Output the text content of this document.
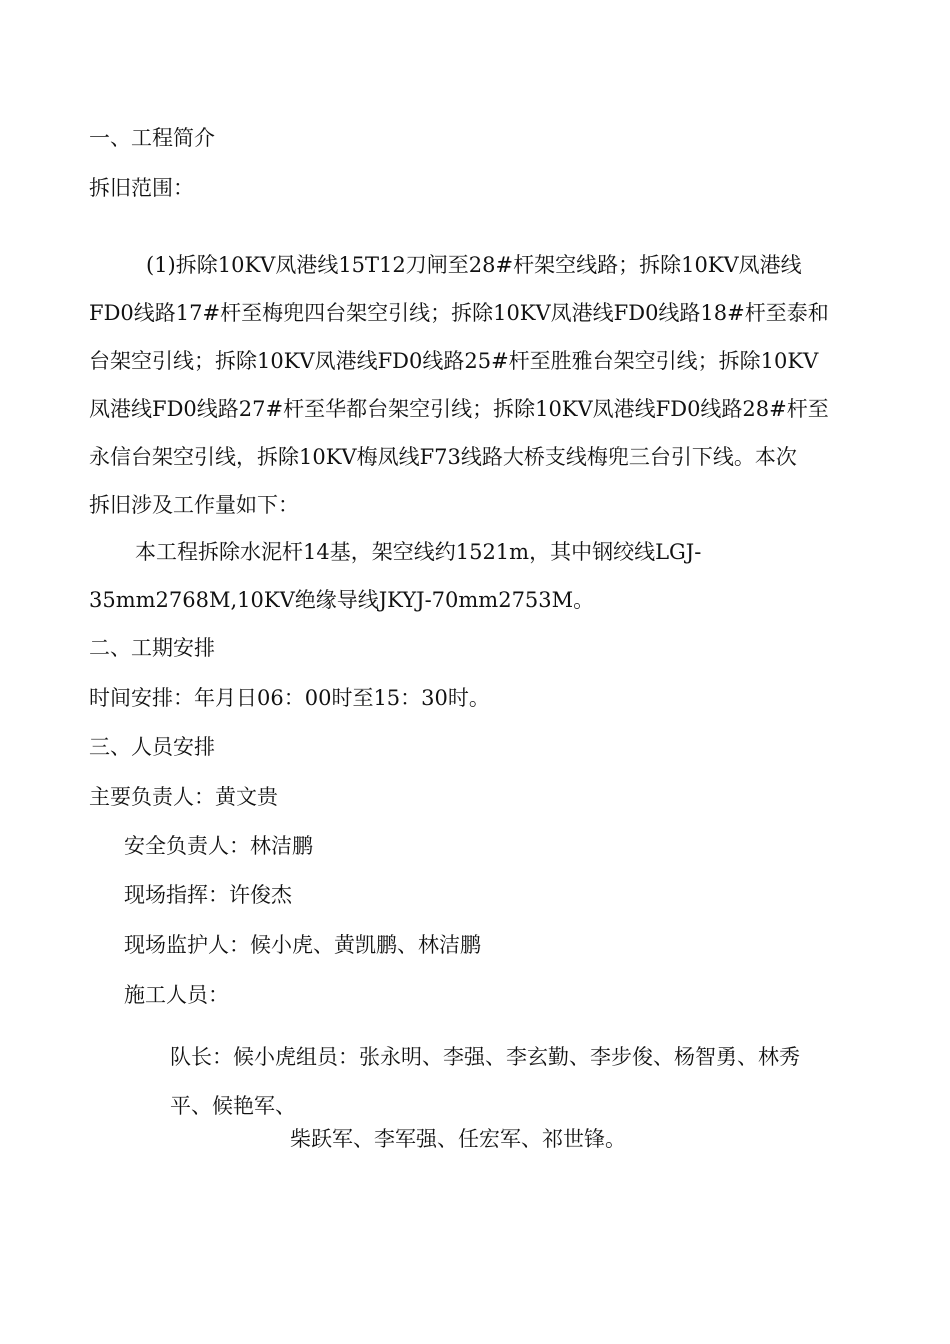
一、工程简介
拆旧范围：
(1)拆除10KV凤港线15T12刀闸至28#杆架空线路；拆除10KV凤港线
FD0线路17#杆至梅兜四台架空引线；拆除10KV凤港线FD0线路18#杆至泰和
台架空引线；拆除10KV凤港线FD0线路25#杆至胜雅台架空引线；拆除10KV
凤港线FD0线路27#杆至华都台架空引线；拆除10KV凤港线FD0线路28#杆至
永信台架空引线，拆除10KV梅凤线F73线路大桥支线梅兜三台引下线。本次
拆旧涉及工作量如下：
本工程拆除水泥杆14基，架空线约1521m，其中钢绞线LGJ-
35mm2768M,10KV绝缘导线JKYJ-70mm2753M。
二、工期安排
时间安排：年月日06：00时至15：30时。
三、人员安排
主要负责人：黄文贵
安全负责人：林洁鹏
现场指挥：许俊杰
现场监护人：候小虎、黄凯鹏、林洁鹏
施工人员：
队长：候小虎组员：张永明、李强、李玄勤、李步俊、杨智勇、林秀
平、候艳军、
柴跃军、李军强、任宏军、祁世锋。
